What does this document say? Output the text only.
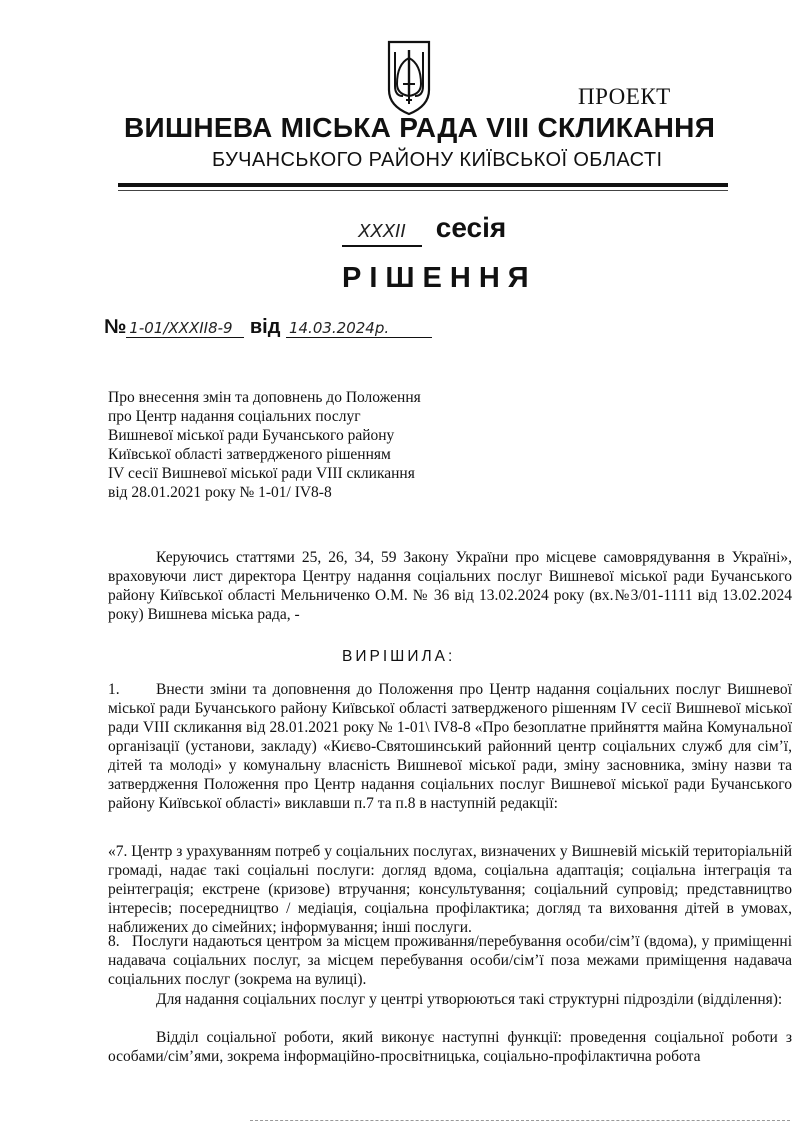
ПРОЕКТ
ВИШНЕВА МІСЬКА РАДА VIII СКЛИКАННЯ
БУЧАНСЬКОГО РАЙОНУ КИЇВСЬКОЇ ОБЛАСТІ
XXXII сесія
РІШЕННЯ
№ 1-01/XXXII8-9 від 14.03.2024р.
Про внесення змін та доповнень до Положення
про Центр надання соціальних послуг
Вишневої міської ради Бучанського району
Київської області затвердженого рішенням
IV сесії Вишневої міської ради VIII скликання
від 28.01.2021 року № 1-01/ IV8-8
Керуючись статтями 25, 26, 34, 59 Закону України про місцеве самоврядування в Україні», враховуючи лист директора Центру надання соціальних послуг Вишневої міської ради Бучанського району Київської області Мельниченко О.М. № 36 від 13.02.2024 року (вх.№3/01-1111 від 13.02.2024 року) Вишнева міська рада, -
ВИРІШИЛА:
1. Внести зміни та доповнення до Положення про Центр надання соціальних послуг Вишневої міської ради Бучанського району Київської області затвердженого рішенням IV сесії Вишневої міської ради VIII скликання від 28.01.2021 року № 1-01\ IV8-8 «Про безоплатне прийняття майна Комунальної організації (установи, закладу) «Києво-Святошинський районний центр соціальних служб для сім’ї, дітей та молоді» у комунальну власність Вишневої міської ради, зміну засновника, зміну назви та затвердження Положення про Центр надання соціальних послуг Вишневої міської ради Бучанського району Київської області» виклавши п.7 та п.8 в наступній редакції:
«7. Центр з урахуванням потреб у соціальних послугах, визначених у Вишневій міській територіальній громаді, надає такі соціальні послуги: догляд вдома, соціальна адаптація; соціальна інтеграція та реінтеграція; екстрене (кризове) втручання; консультування; соціальний супровід; представництво інтересів; посередництво / медіація, соціальна профілактика; догляд та виховання дітей в умовах, наближених до сімейних; інформування; інші послуги.
8. Послуги надаються центром за місцем проживання/перебування особи/сім’ї (вдома), у приміщенні надавача соціальних послуг, за місцем перебування особи/сім’ї поза межами приміщення надавача соціальних послуг (зокрема на вулиці).
Для надання соціальних послуг у центрі утворюються такі структурні підрозділи (відділення):
Відділ соціальної роботи, який виконує наступні функції: проведення соціальної роботи з особами/сім’ями, зокрема інформаційно-просвітницька, соціально-профілактична робота
